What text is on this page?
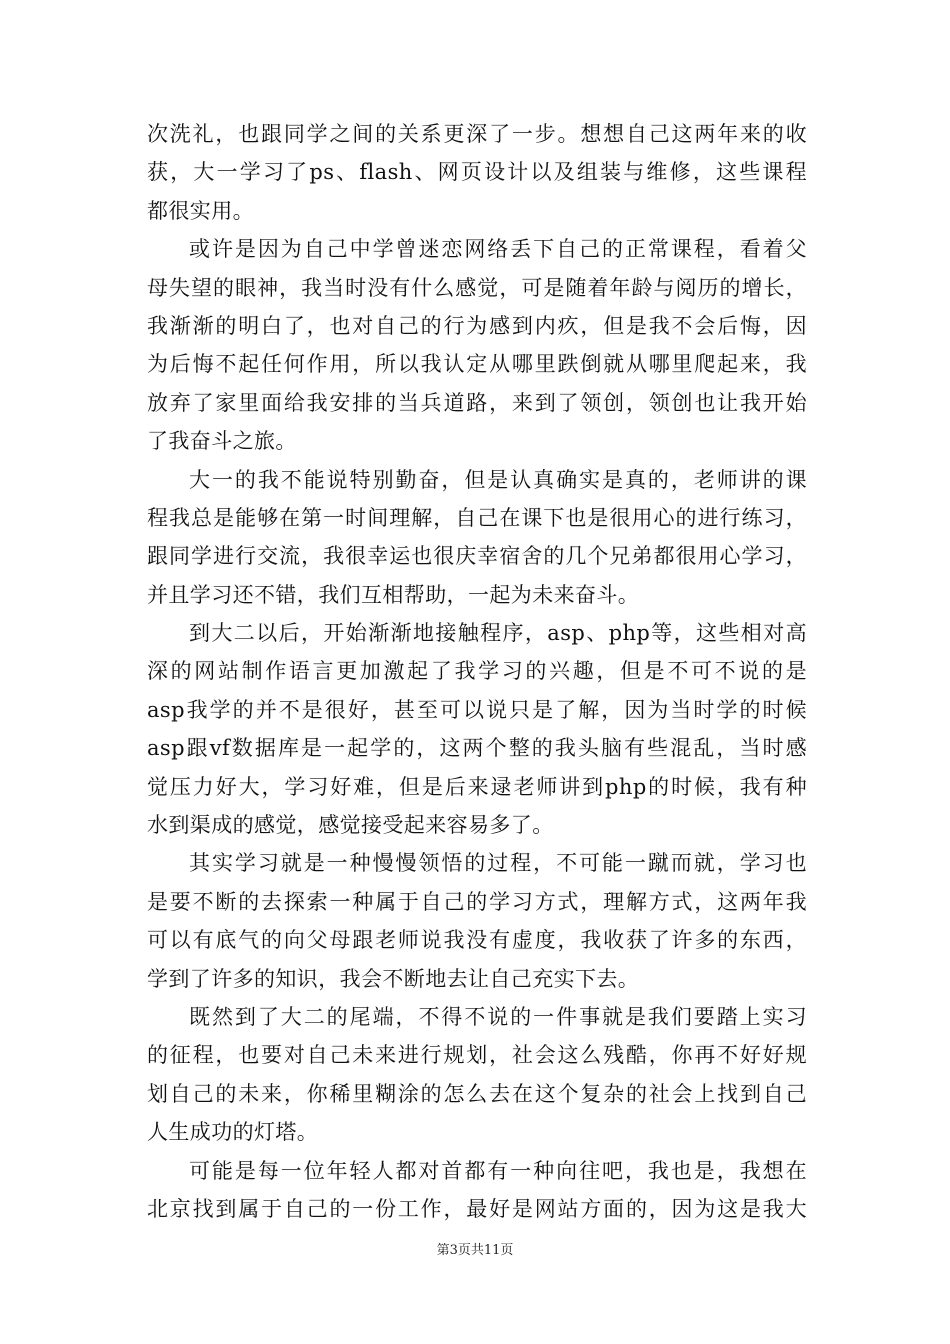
次洗礼，也跟同学之间的关系更深了一步。想想自己这两年来的收
获，大一学习了ps、flash、网页设计以及组装与维修，这些课程
都很实用。
或许是因为自己中学曾迷恋网络丢下自己的正常课程，看着父
母失望的眼神，我当时没有什么感觉，可是随着年龄与阅历的增长，
我渐渐的明白了，也对自己的行为感到内疚，但是我不会后悔，因
为后悔不起任何作用，所以我认定从哪里跌倒就从哪里爬起来，我
放弃了家里面给我安排的当兵道路，来到了领创，领创也让我开始
了我奋斗之旅。
大一的我不能说特别勤奋，但是认真确实是真的，老师讲的课
程我总是能够在第一时间理解，自己在课下也是很用心的进行练习，
跟同学进行交流，我很幸运也很庆幸宿舍的几个兄弟都很用心学习，
并且学习还不错，我们互相帮助，一起为未来奋斗。
到大二以后，开始渐渐地接触程序，asp、php等，这些相对高
深的网站制作语言更加激起了我学习的兴趣，但是不可不说的是
asp我学的并不是很好，甚至可以说只是了解，因为当时学的时候
asp跟vf数据库是一起学的，这两个整的我头脑有些混乱，当时感
觉压力好大，学习好难，但是后来逯老师讲到php的时候，我有种
水到渠成的感觉，感觉接受起来容易多了。
其实学习就是一种慢慢领悟的过程，不可能一蹴而就，学习也
是要不断的去探索一种属于自己的学习方式，理解方式，这两年我
可以有底气的向父母跟老师说我没有虚度，我收获了许多的东西，
学到了许多的知识，我会不断地去让自己充实下去。
既然到了大二的尾端，不得不说的一件事就是我们要踏上实习
的征程，也要对自己未来进行规划，社会这么残酷，你再不好好规
划自己的未来，你稀里糊涂的怎么去在这个复杂的社会上找到自己
人生成功的灯塔。
可能是每一位年轻人都对首都有一种向往吧，我也是，我想在
北京找到属于自己的一份工作，最好是网站方面的，因为这是我大
第3页共11页
